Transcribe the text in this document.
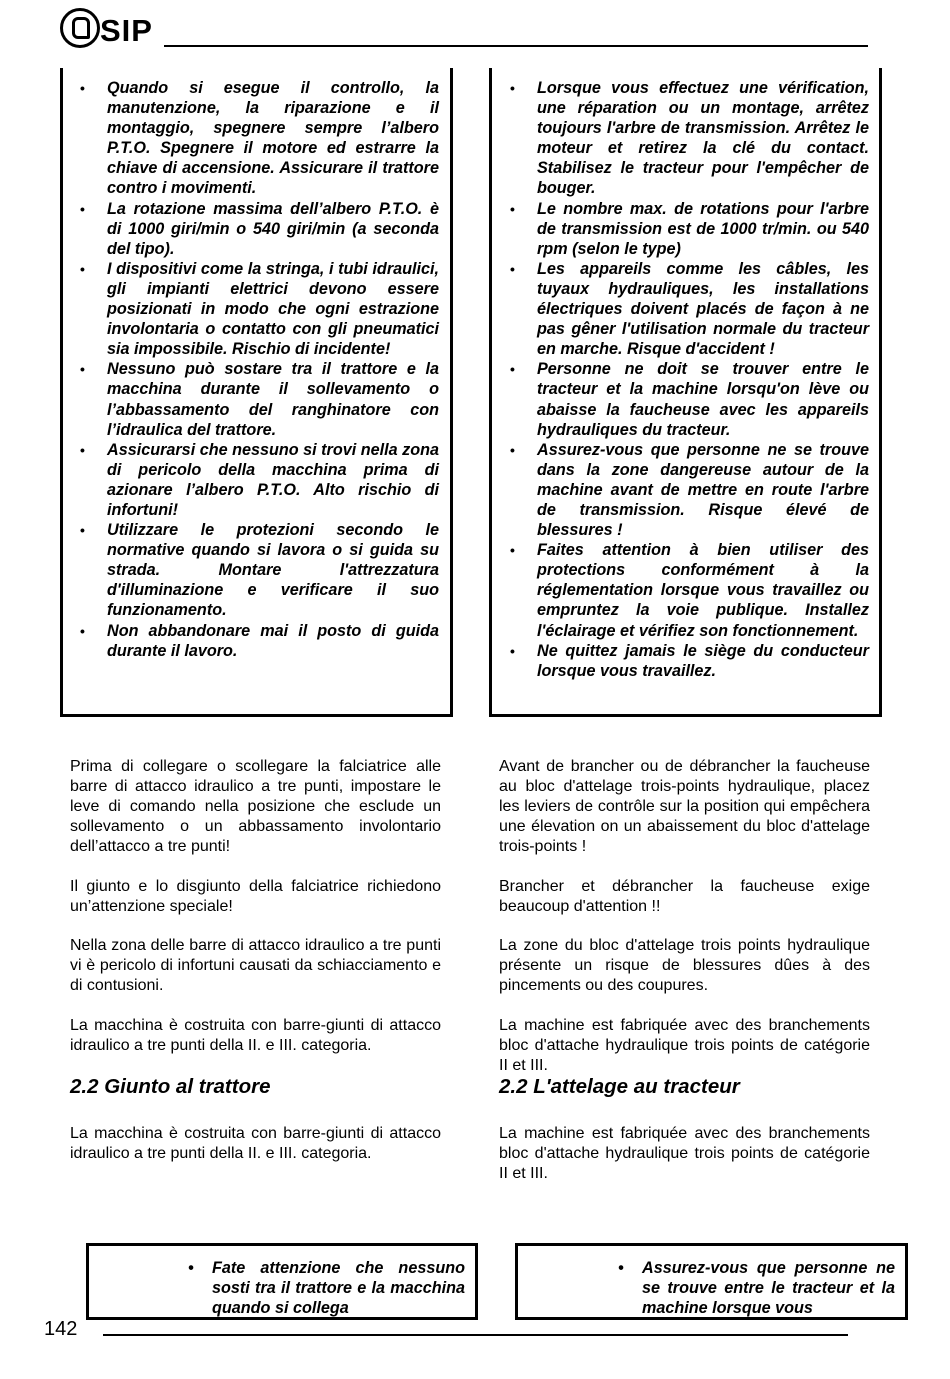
SIP
• Quando si esegue il controllo, la manutenzione, la riparazione e il montaggio, spegnere sempre l’albero P.T.O. Spegnere il motore ed estrarre la chiave di accensione. Assicurare il trattore contro i movimenti.
• La rotazione massima dell’albero P.T.O. è di 1000 giri/min o 540 giri/min (a seconda del tipo).
• I dispositivi come la stringa, i tubi idraulici, gli impianti elettrici devono essere posizionati in modo che ogni estrazione involontaria o contatto con gli pneumatici sia impossibile. Rischio di incidente!
• Nessuno può sostare tra il trattore e la macchina durante il sollevamento o l’abbassamento del ranghinatore con l’idraulica del trattore.
• Assicurarsi che nessuno si trovi nella zona di pericolo della macchina prima di azionare l’albero P.T.O. Alto rischio di infortuni!
• Utilizzare le protezioni secondo le normative quando si lavora o si guida su strada. Montare l'attrezzatura d'illuminazione e verificare il suo funzionamento.
• Non abbandonare mai il posto di guida durante il lavoro.
• Lorsque vous effectuez une vérification, une réparation ou un montage, arrêtez toujours l'arbre de transmission. Arrêtez le moteur et retirez la clé du contact. Stabilisez le tracteur pour l'empêcher de bouger.
• Le nombre max. de rotations pour l'arbre de transmission est de 1000 tr/min. ou 540 rpm (selon le type)
• Les appareils comme les câbles, les tuyaux hydrauliques, les installations électriques doivent placés de façon à ne pas gêner l'utilisation normale du tracteur en marche. Risque d'accident !
• Personne ne doit se trouver entre le tracteur et la machine lorsqu'on lève ou abaisse la faucheuse avec les appareils hydrauliques du tracteur.
• Assurez-vous que personne ne se trouve dans la zone dangereuse autour de la machine avant de mettre en route l'arbre de transmission. Risque élevé de blessures !
• Faites attention à bien utiliser des protections conformément à la réglementation lorsque vous travaillez ou empruntez la voie publique. Installez l'éclairage et vérifiez son fonctionnement.
• Ne quittez jamais le siège du conducteur lorsque vous travaillez.
Prima di collegare o scollegare la falciatrice alle barre di attacco idraulico a tre punti, impostare le leve di comando nella posizione che esclude un sollevamento o un abbassamento involontario dell’attacco a tre punti!
Il giunto e lo disgiunto della falciatrice richiedono un’attenzione speciale!
Nella zona delle barre di attacco idraulico a tre punti vi è pericolo di infortuni causati da schiacciamento e di contusioni.
La macchina è costruita con barre-giunti di attacco idraulico a tre punti della II. e III. categoria.
2.2 Giunto al trattore
La macchina è costruita con barre-giunti di attacco idraulico a tre punti della II. e III. categoria.
Avant de brancher ou de débrancher la faucheuse au bloc d'attelage trois-points hydraulique, placez les leviers de contrôle sur la position qui empêchera une élevation on un abaissement du bloc d'attelage trois-points !
Brancher et débrancher la faucheuse exige beaucoup d'attention !!
La zone du bloc d'attelage trois points hydraulique présente un risque de blessures dûes à des pincements ou des coupures.
La machine est fabriquée avec des branchements bloc d'attache hydraulique trois points de catégorie II et III.
2.2 L'attelage au tracteur
La machine est fabriquée avec des branchements bloc d'attache hydraulique trois points de catégorie II et III.
• Fate attenzione che nessuno sosti tra il trattore e la macchina quando si collega
• Assurez-vous que personne ne se trouve entre le tracteur et la machine lorsque vous
142
